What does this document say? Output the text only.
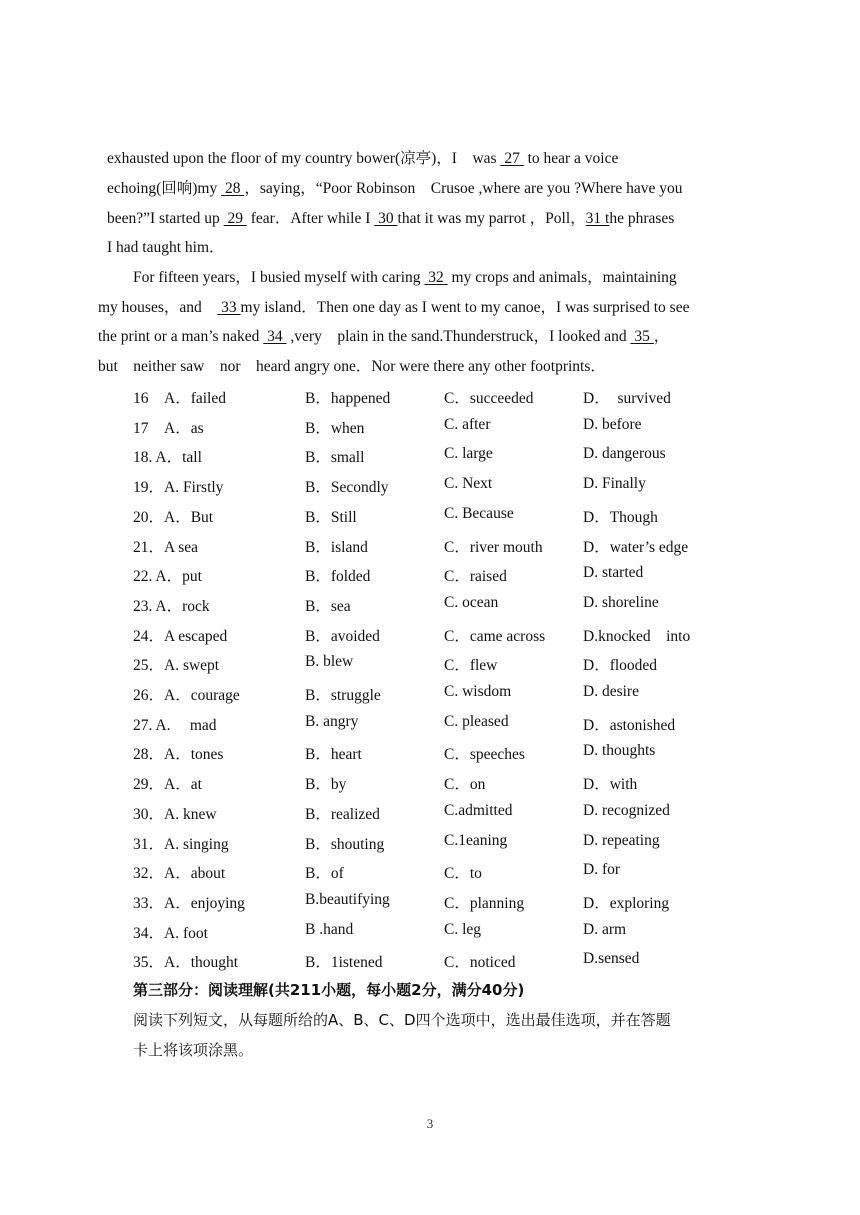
exhausted upon the floor of my country bower(凉亭)，I　was  27  to hear a voice
echoing(回响)my  28 ，saying，“Poor Robinson　Crusoe ,where are you ?Where have you
been?”I started up  29  fear．After while I  30 that it was my parrot ，Poll，31 the phrases
I had taught him．
For fifteen years，I busied myself with caring  32  my crops and animals，maintaining
my houses，and　 33 my island．Then one day as I went to my canoe，I was surprised to see
the print or a man’s naked  34  ,very　plain in the sand.Thunderstruck，I looked and  35 ，
but　neither saw　nor　heard angry one．Nor were there any other footprints．
16　A．failed	B．happened	C．succeeded	D．　survived
17　A．as	B．when	C. after	D. before
18. A．tall	B．small	C. large	D. dangerous
19．A. Firstly	B．Secondly	C. Next	D. Finally
20．A．But	B．Still	C. Because	D．Though
21．A sea	B．island	C．river mouth	D．water’s edge
22. A．put	B．folded	C．raised	D. started
23. A．rock	B．sea	C. ocean	D. shoreline
24．A escaped	B．avoided	C．came across D.knocked　into
25．A. swept	B. blew	C．flew	D．flooded
26．A．courage	B．struggle	C. wisdom	D. desire
27. A.　 mad	B. angry	C. pleased	D．astonished
28．A．tones	B．heart	C．speeches	D. thoughts
29．A．at	B．by	C．on	D．with
30．A. knew	B．realized	C.admitted	D. recognized
31．A. singing	B．shouting	C.1eaning	D. repeating
32．A．about	B．of	C．to	D. for
33．A．enjoying	B.beautifying	C．planning	D．exploring
34．A. foot	B .hand	C. leg	D. arm
35．A．thought	B．1istened	C．noticed	D.sensed
第三部分：阅读理解(共211小题，每小题2分，满分40分)
阅读下列短文，从每题所给的A、B、C、D四个选项中，选出最佳选项，并在答题
卡上将该项涂黑。
3
